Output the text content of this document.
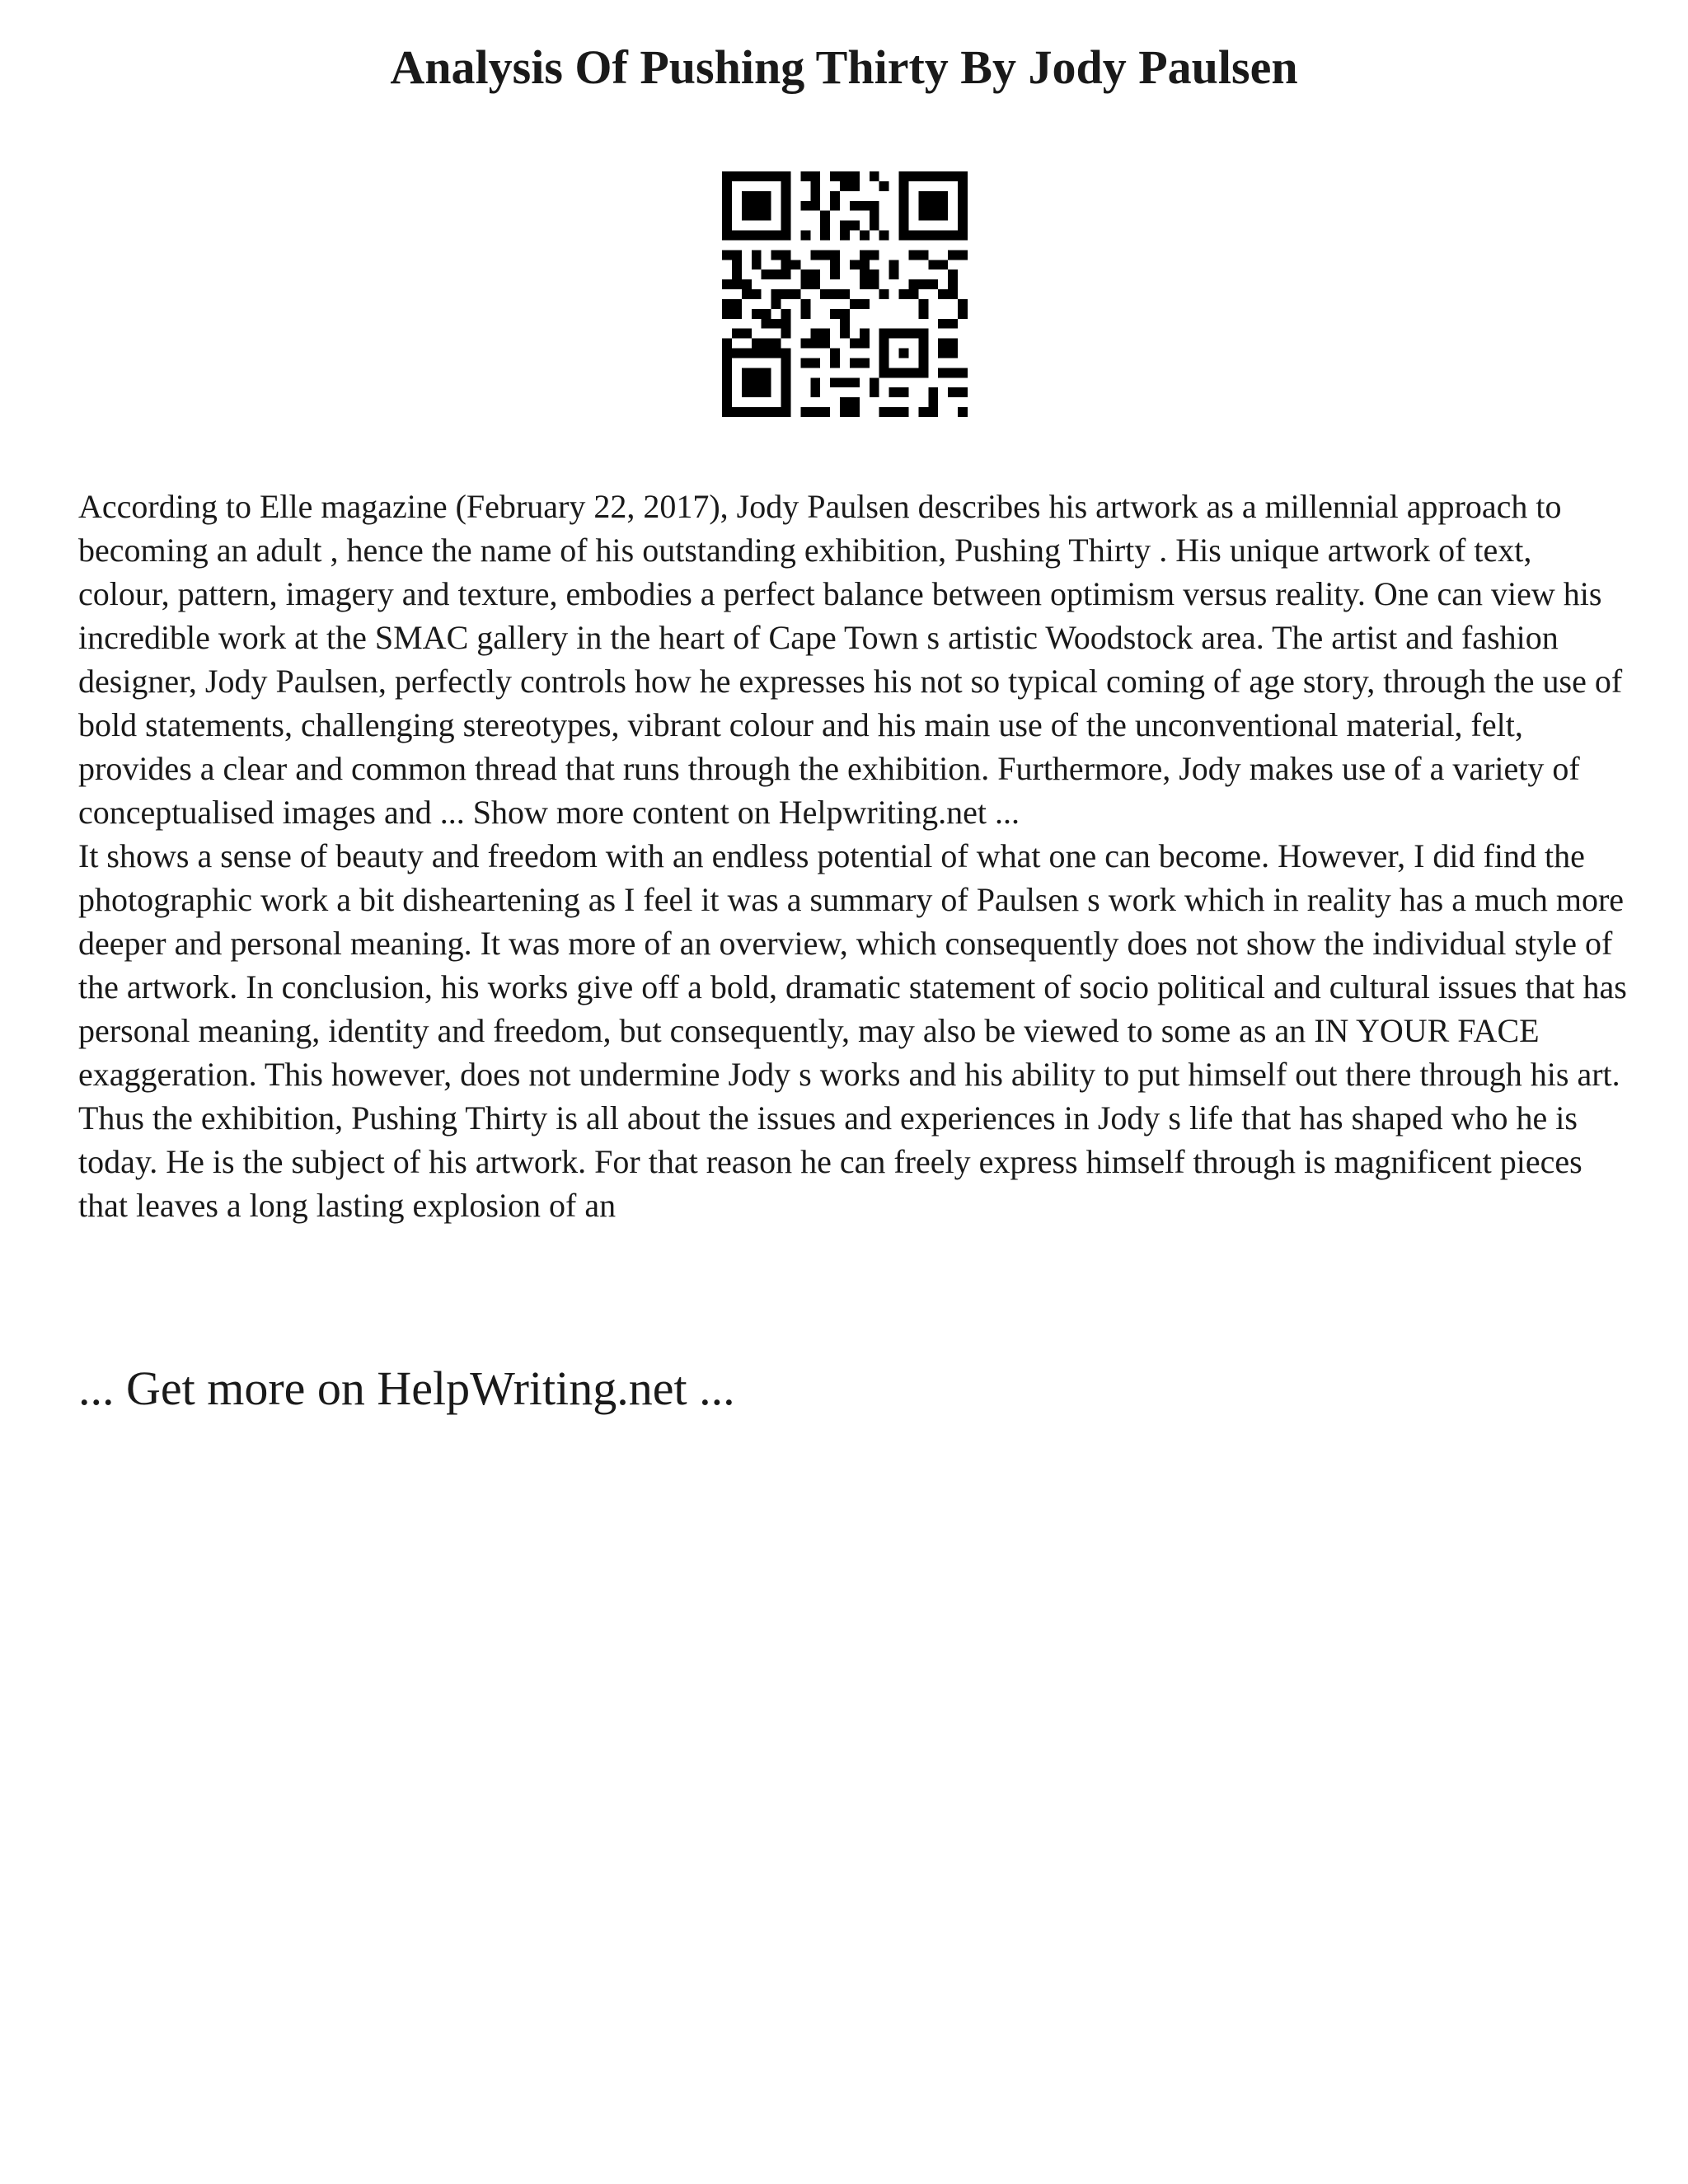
Analysis Of Pushing Thirty By Jody Paulsen

According to Elle magazine (February 22, 2017), Jody Paulsen describes his artwork as a millennial approach to becoming an adult , hence the name of his outstanding exhibition, Pushing Thirty . His unique artwork of text, colour, pattern, imagery and texture, embodies a perfect balance between optimism versus reality. One can view his incredible work at the SMAC gallery in the heart of Cape Town s artistic Woodstock area. The artist and fashion designer, Jody Paulsen, perfectly controls how he expresses his not so typical coming of age story, through the use of bold statements, challenging stereotypes, vibrant colour and his main use of the unconventional material, felt, provides a clear and common thread that runs through the exhibition. Furthermore, Jody makes use of a variety of conceptualised images and ... Show more content on Helpwriting.net ...

It shows a sense of beauty and freedom with an endless potential of what one can become. However, I did find the photographic work a bit disheartening as I feel it was a summary of Paulsen s work which in reality has a much more deeper and personal meaning. It was more of an overview, which consequently does not show the individual style of the artwork. In conclusion, his works give off a bold, dramatic statement of socio political and cultural issues that has personal meaning, identity and freedom, but consequently, may also be viewed to some as an IN YOUR FACE exaggeration. This however, does not undermine Jody s works and his ability to put himself out there through his art. Thus the exhibition, Pushing Thirty is all about the issues and experiences in Jody s life that has shaped who he is today. He is the subject of his artwork. For that reason he can freely express himself through is magnificent pieces that leaves a long lasting explosion of an

... Get more on HelpWriting.net ...
